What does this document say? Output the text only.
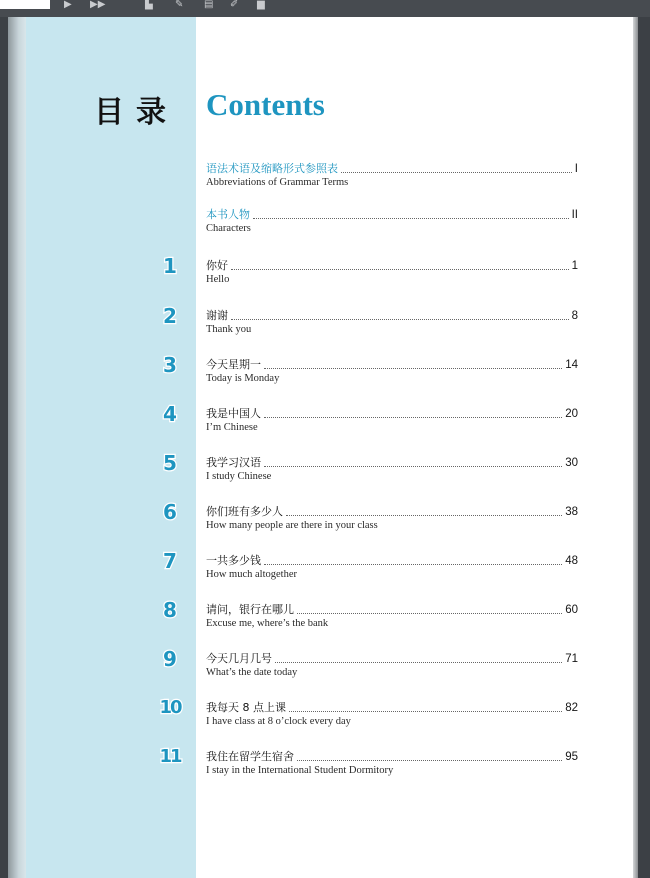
▶ ▶▶	▙ ✎ ▤ ✐ ▆
目录 Contents
语法术语及缩略形式参照表	I
Abbreviations of Grammar Terms
本书人物	II
Characters
1	你好	1
Hello
2	谢谢	8
Thank you
3	今天星期一	14
Today is Monday
4	我是中国人	20
I’m Chinese
5	我学习汉语	30
I study Chinese
6	你们班有多少人	38
How many people are there in your class
7	一共多少钱	48
How much altogether
8	请问，银行在哪儿	60
Excuse me, where’s the bank
9	今天几月几号	71
What’s the date today
10	我每天 8 点上课	82
I have class at 8 o’clock every day
11	我住在留学生宿舍	95
I stay in the International Student Dormitory
